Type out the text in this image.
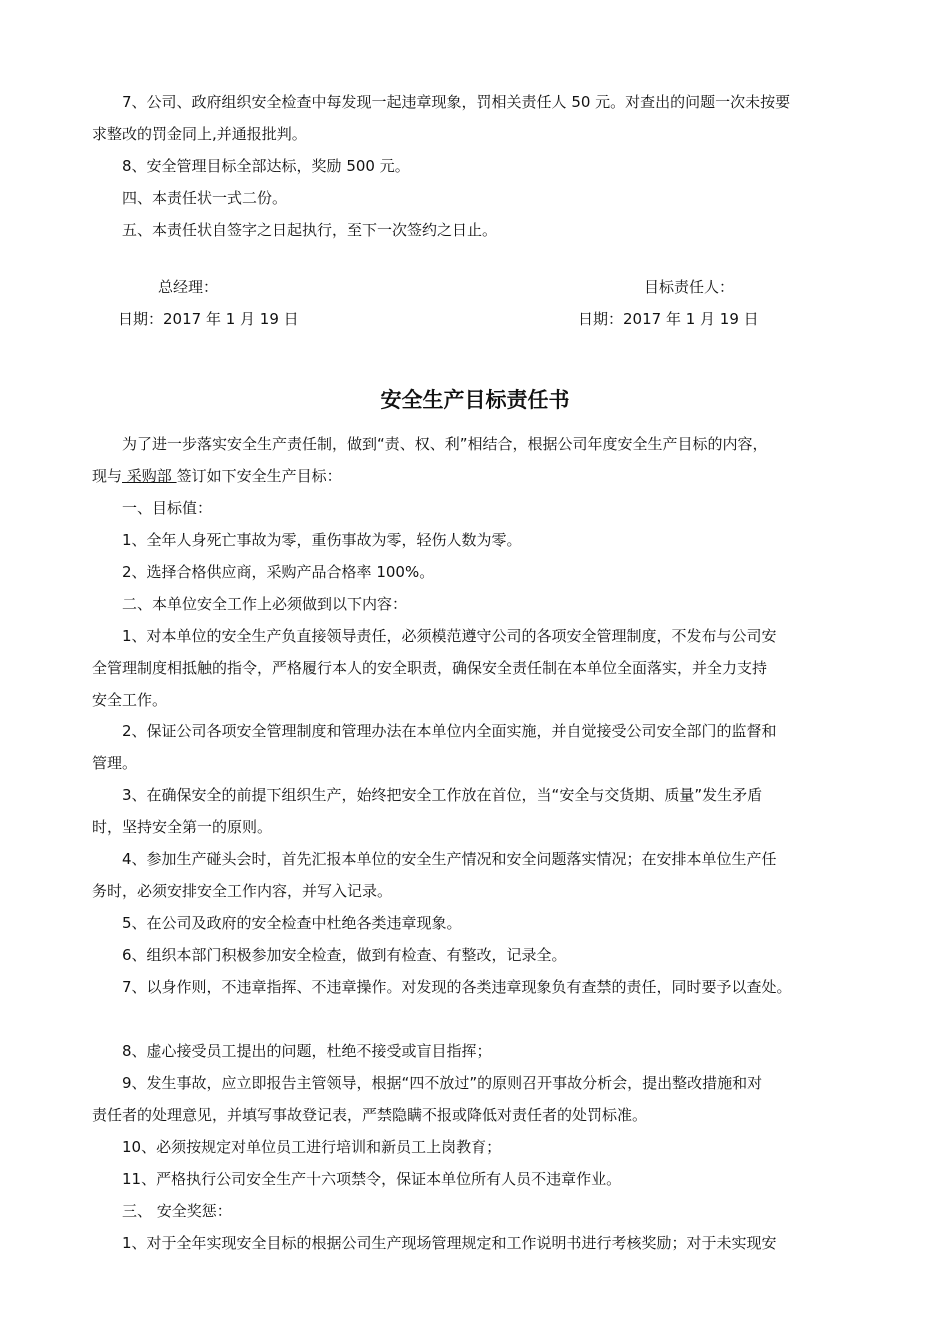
7、公司、政府组织安全检查中每发现一起违章现象，罚相关责任人 50 元。对查出的问题一次未按要
求整改的罚金同上,并通报批判。
8、安全管理目标全部达标，奖励 500 元。
四、本责任状一式二份。
五、本责任状自签字之日起执行，至下一次签约之日止。
总经理：
日期：2017 年 1 月 19 日
目标责任人：
日期：2017 年 1 月 19 日
安全生产目标责任书
为了进一步落实安全生产责任制，做到“责、权、利”相结合，根据公司年度安全生产目标的内容，
现与 采购部 签订如下安全生产目标：
一、目标值：
1、全年人身死亡事故为零，重伤事故为零，轻伤人数为零。
2、选择合格供应商，采购产品合格率 100%。
二、本单位安全工作上必须做到以下内容：
1、对本单位的安全生产负直接领导责任，必须模范遵守公司的各项安全管理制度，不发布与公司安
全管理制度相抵触的指令，严格履行本人的安全职责，确保安全责任制在本单位全面落实，并全力支持
安全工作。
2、保证公司各项安全管理制度和管理办法在本单位内全面实施，并自觉接受公司安全部门的监督和
管理。
3、在确保安全的前提下组织生产，始终把安全工作放在首位，当“安全与交货期、质量”发生矛盾
时，坚持安全第一的原则。
4、参加生产碰头会时，首先汇报本单位的安全生产情况和安全问题落实情况；在安排本单位生产任
务时，必须安排安全工作内容，并写入记录。
5、在公司及政府的安全检查中杜绝各类违章现象。
6、组织本部门积极参加安全检查，做到有检查、有整改，记录全。
7、以身作则，不违章指挥、不违章操作。对发现的各类违章现象负有查禁的责任，同时要予以查处。
8、虚心接受员工提出的问题，杜绝不接受或盲目指挥；
9、发生事故，应立即报告主管领导，根据“四不放过”的原则召开事故分析会，提出整改措施和对
责任者的处理意见，并填写事故登记表，严禁隐瞒不报或降低对责任者的处罚标准。
10、必须按规定对单位员工进行培训和新员工上岗教育；
11、严格执行公司安全生产十六项禁令，保证本单位所有人员不违章作业。
三、 安全奖惩：
1、对于全年实现安全目标的根据公司生产现场管理规定和工作说明书进行考核奖励；对于未实现安
